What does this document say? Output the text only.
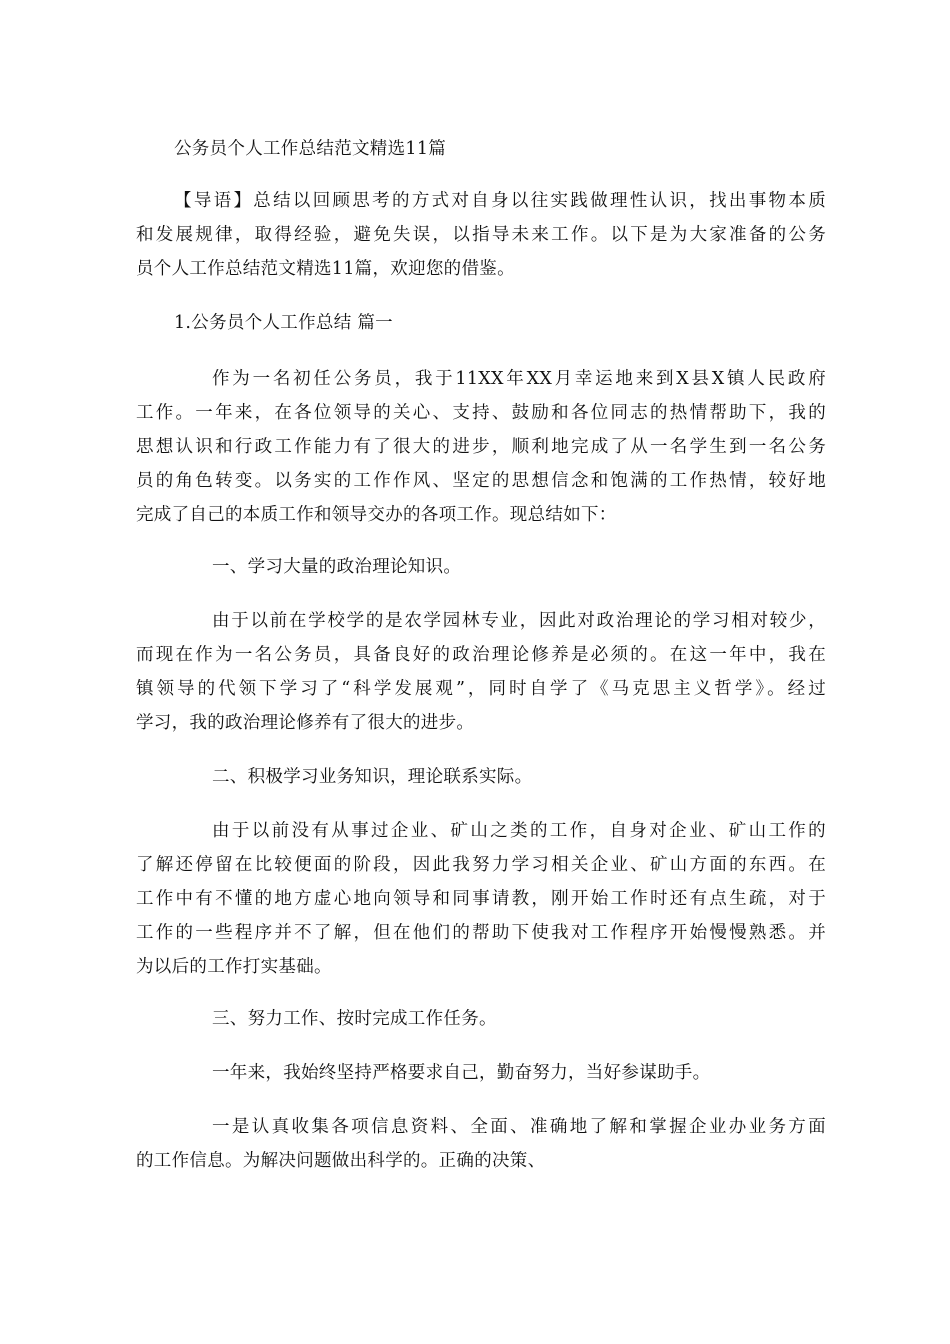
公务员个人工作总结范文精选11篇
【导语】总结以回顾思考的方式对自身以往实践做理性认识，找出事物本质
和发展规律，取得经验，避免失误，以指导未来工作。以下是为大家准备的公务
员个人工作总结范文精选11篇，欢迎您的借鉴。
1.公务员个人工作总结 篇一
作为一名初任公务员，我于11XX年XX月幸运地来到X县X镇人民政府
工作。一年来，在各位领导的关心、支持、鼓励和各位同志的热情帮助下，我的
思想认识和行政工作能力有了很大的进步，顺利地完成了从一名学生到一名公务
员的角色转变。以务实的工作作风、坚定的思想信念和饱满的工作热情，较好地
完成了自己的本质工作和领导交办的各项工作。现总结如下：
一、学习大量的政治理论知识。
由于以前在学校学的是农学园林专业，因此对政治理论的学习相对较少，
而现在作为一名公务员，具备良好的政治理论修养是必须的。在这一年中，我在
镇领导的代领下学习了“科学发展观”，同时自学了《马克思主义哲学》。经过
学习，我的政治理论修养有了很大的进步。
二、积极学习业务知识，理论联系实际。
由于以前没有从事过企业、矿山之类的工作，自身对企业、矿山工作的
了解还停留在比较便面的阶段，因此我努力学习相关企业、矿山方面的东西。在
工作中有不懂的地方虚心地向领导和同事请教，刚开始工作时还有点生疏，对于
工作的一些程序并不了解，但在他们的帮助下使我对工作程序开始慢慢熟悉。并
为以后的工作打实基础。
三、努力工作、按时完成工作任务。
一年来，我始终坚持严格要求自己，勤奋努力，当好参谋助手。
一是认真收集各项信息资料、全面、准确地了解和掌握企业办业务方面
的工作信息。为解决问题做出科学的。正确的决策、
